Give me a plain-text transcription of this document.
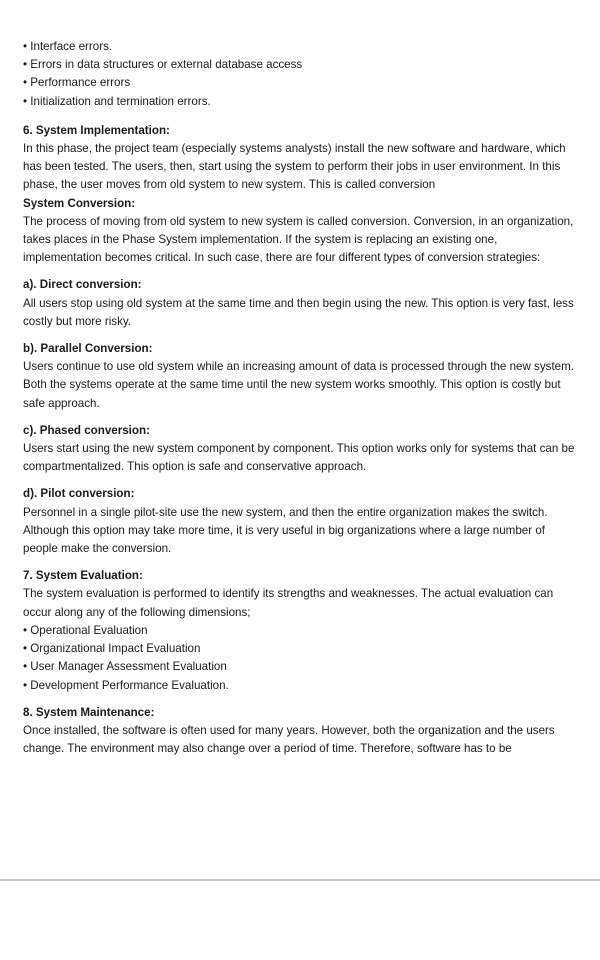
• Interface errors.

• Errors in data structures or external database access

• Performance errors

• Initialization and termination errors.

6. System Implementation:

In this phase, the project team (especially systems analysts) install the new software and hardware, which has been tested. The users, then, start using the system to perform their jobs in user environment. In this phase, the user moves from old system to new system. This is called conversion

System Conversion:

The process of moving from old system to new system is called conversion. Conversion, in an organization, takes places in the Phase System implementation. If the system is replacing an existing one, implementation becomes critical. In such case, there are four different types of conversion strategies:

a). Direct conversion:

All users stop using old system at the same time and then begin using the new. This option is very fast, less costly but more risky.

b). Parallel Conversion:

Users continue to use old system while an increasing amount of data is processed through the new system. Both the systems operate at the same time until the new system works smoothly. This option is costly but safe approach.

c). Phased conversion:

Users start using the new system component by component. This option works only for systems that can be compartmentalized. This option is safe and conservative approach.

d). Pilot conversion:

Personnel in a single pilot-site use the new system, and then the entire organization makes the switch. Although this option may take more time, it is very useful in big organizations where a large number of people make the conversion.

7. System Evaluation:

The system evaluation is performed to identify its strengths and weaknesses. The actual evaluation can occur along any of the following dimensions;

• Operational Evaluation

• Organizational Impact Evaluation

• User Manager Assessment Evaluation

• Development Performance Evaluation.

8. System Maintenance:

Once installed, the software is often used for many years. However, both the organization and the users change. The environment may also change over a period of time. Therefore, software has to be
